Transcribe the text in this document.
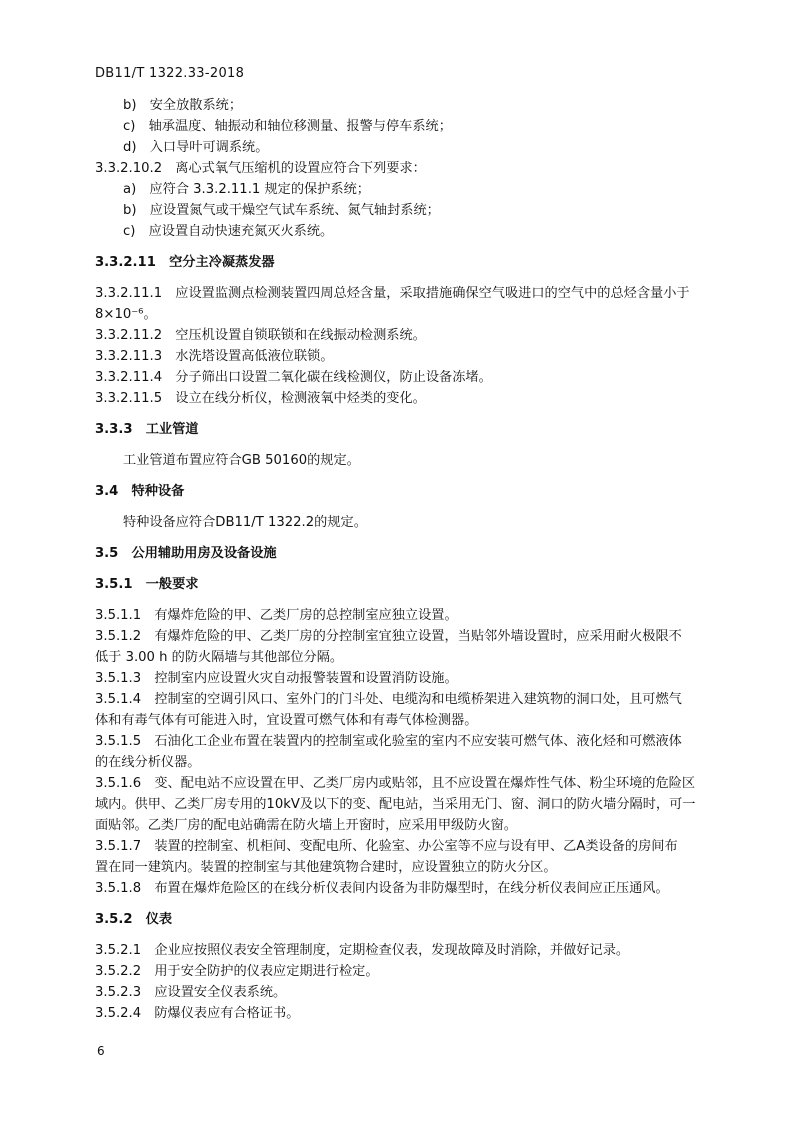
DB11/T 1322.33-2018
b)　安全放散系统；
c)　轴承温度、轴振动和轴位移测量、报警与停车系统；
d)　入口导叶可调系统。
3.3.2.10.2　离心式氧气压缩机的设置应符合下列要求：
a)　应符合 3.3.2.11.1 规定的保护系统；
b)　应设置氮气或干燥空气试车系统、氮气轴封系统；
c)　应设置自动快速充氮灭火系统。
3.3.2.11　空分主冷凝蒸发器
3.3.2.11.1　应设置监测点检测装置四周总烃含量，采取措施确保空气吸进口的空气中的总烃含量小于
8×10⁻⁶。
3.3.2.11.2　空压机设置自锁联锁和在线振动检测系统。
3.3.2.11.3　水洗塔设置高低液位联锁。
3.3.2.11.4　分子筛出口设置二氧化碳在线检测仪，防止设备冻堵。
3.3.2.11.5　设立在线分析仪，检测液氧中烃类的变化。
3.3.3　工业管道
工业管道布置应符合GB 50160的规定。
3.4　特种设备
特种设备应符合DB11/T 1322.2的规定。
3.5　公用辅助用房及设备设施
3.5.1　一般要求
3.5.1.1　有爆炸危险的甲、乙类厂房的总控制室应独立设置。
3.5.1.2　有爆炸危险的甲、乙类厂房的分控制室宜独立设置，当贴邻外墙设置时，应采用耐火极限不
低于 3.00 h 的防火隔墙与其他部位分隔。
3.5.1.3　控制室内应设置火灾自动报警装置和设置消防设施。
3.5.1.4　控制室的空调引风口、室外门的门斗处、电缆沟和电缆桥架进入建筑物的洞口处，且可燃气
体和有毒气体有可能进入时，宜设置可燃气体和有毒气体检测器。
3.5.1.5　石油化工企业布置在装置内的控制室或化验室的室内不应安装可燃气体、液化烃和可燃液体
的在线分析仪器。
3.5.1.6　变、配电站不应设置在甲、乙类厂房内或贴邻，且不应设置在爆炸性气体、粉尘环境的危险区
域内。供甲、乙类厂房专用的10kV及以下的变、配电站，当采用无门、窗、洞口的防火墙分隔时，可一
面贴邻。乙类厂房的配电站确需在防火墙上开窗时，应采用甲级防火窗。
3.5.1.7　装置的控制室、机柜间、变配电所、化验室、办公室等不应与设有甲、乙A类设备的房间布
置在同一建筑内。装置的控制室与其他建筑物合建时，应设置独立的防火分区。
3.5.1.8　布置在爆炸危险区的在线分析仪表间内设备为非防爆型时，在线分析仪表间应正压通风。
3.5.2　仪表
3.5.2.1　企业应按照仪表安全管理制度，定期检查仪表，发现故障及时消除，并做好记录。
3.5.2.2　用于安全防护的仪表应定期进行检定。
3.5.2.3　应设置安全仪表系统。
3.5.2.4　防爆仪表应有合格证书。
6
